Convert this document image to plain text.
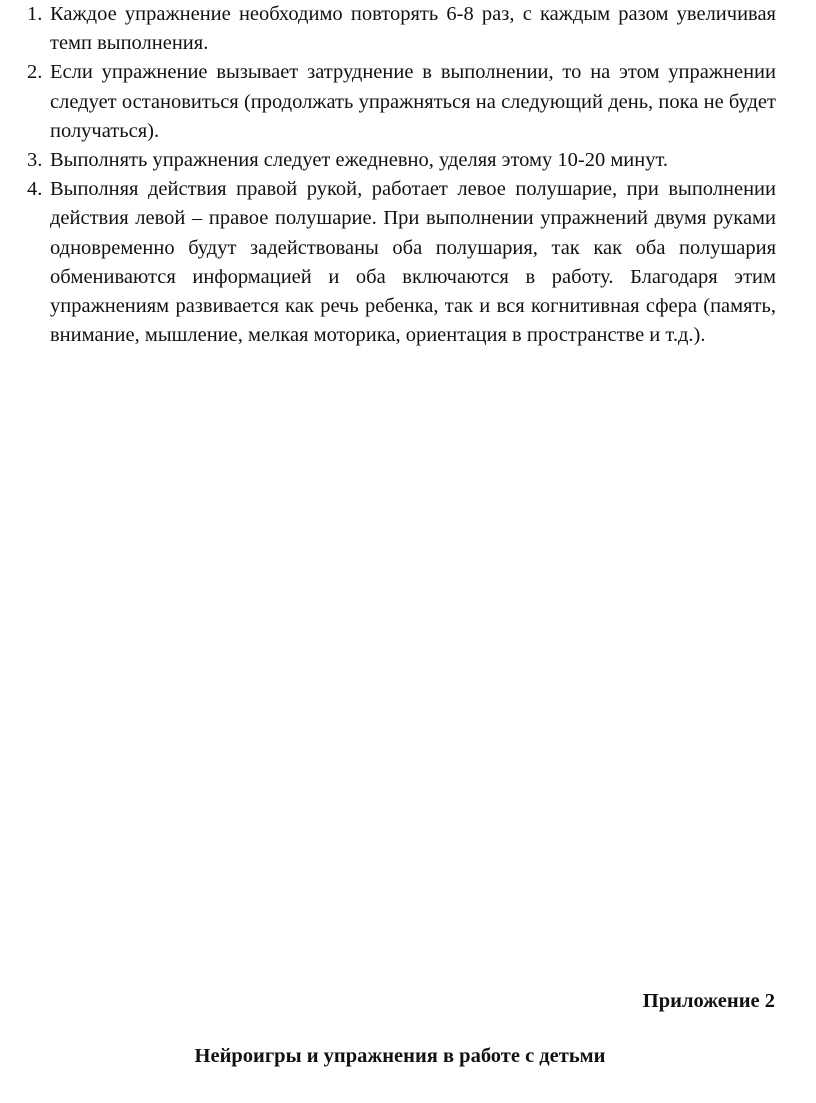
1. Каждое упражнение необходимо повторять 6-8 раз, с каждым разом увеличивая темп выполнения.
2. Если упражнение вызывает затруднение в выполнении, то на этом упражнении следует остановиться (продолжать упражняться на следующий день, пока не будет получаться).
3. Выполнять упражнения следует ежедневно, уделяя этому 10-20 минут.
4. Выполняя действия правой рукой, работает левое полушарие, при выполнении действия левой – правое полушарие. При выполнении упражнений двумя руками одновременно будут задействованы оба полушария, так как оба полушария обмениваются информацией и оба включаются в работу. Благодаря этим упражнениям развивается как речь ребенка, так и вся когнитивная сфера (память, внимание, мышление, мелкая моторика, ориентация в пространстве и т.д.).
Приложение 2
Нейроигры и упражнения в работе с детьми
